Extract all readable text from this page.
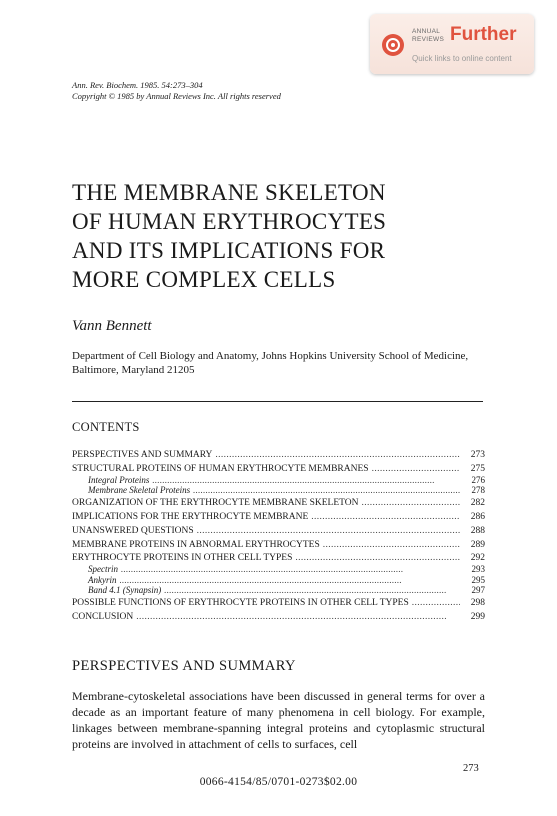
ANNUAL
REVIEWS Further
Quick links to online content
Ann. Rev. Biochem. 1985. 54:273–304
Copyright © 1985 by Annual Reviews Inc. All rights reserved
THE MEMBRANE SKELETON
OF HUMAN ERYTHROCYTES
AND ITS IMPLICATIONS FOR
MORE COMPLEX CELLS
Vann Bennett
Department of Cell Biology and Anatomy, Johns Hopkins University School of Medicine, Baltimore, Maryland 21205
CONTENTS
PERSPECTIVES AND SUMMARY . . .	273
STRUCTURAL PROTEINS OF HUMAN ERYTHROCYTE MEMBRANES . . .	275
Integral Proteins . . .	276
Membrane Skeletal Proteins . . .	278
ORGANIZATION OF THE ERYTHROCYTE MEMBRANE SKELETON . . .	282
IMPLICATIONS FOR THE ERYTHROCYTE MEMBRANE . . .	286
UNANSWERED QUESTIONS . . .	288
MEMBRANE PROTEINS IN ABNORMAL ERYTHROCYTES . . .	289
ERYTHROCYTE PROTEINS IN OTHER CELL TYPES . . .	292
Spectrin . . .	293
Ankyrin . . .	295
Band 4.1 (Synapsin) . . .	297
POSSIBLE FUNCTIONS OF ERYTHROCYTE PROTEINS IN OTHER CELL TYPES . . .	298
CONCLUSION . . .	299
PERSPECTIVES AND SUMMARY
Membrane-cytoskeletal associations have been discussed in general terms for over a decade as an important feature of many phenomena in cell biology. For example, linkages between membrane-spanning integral proteins and cytoplasmic structural proteins are involved in attachment of cells to surfaces, cell
273
0066-4154/85/0701-0273$02.00
